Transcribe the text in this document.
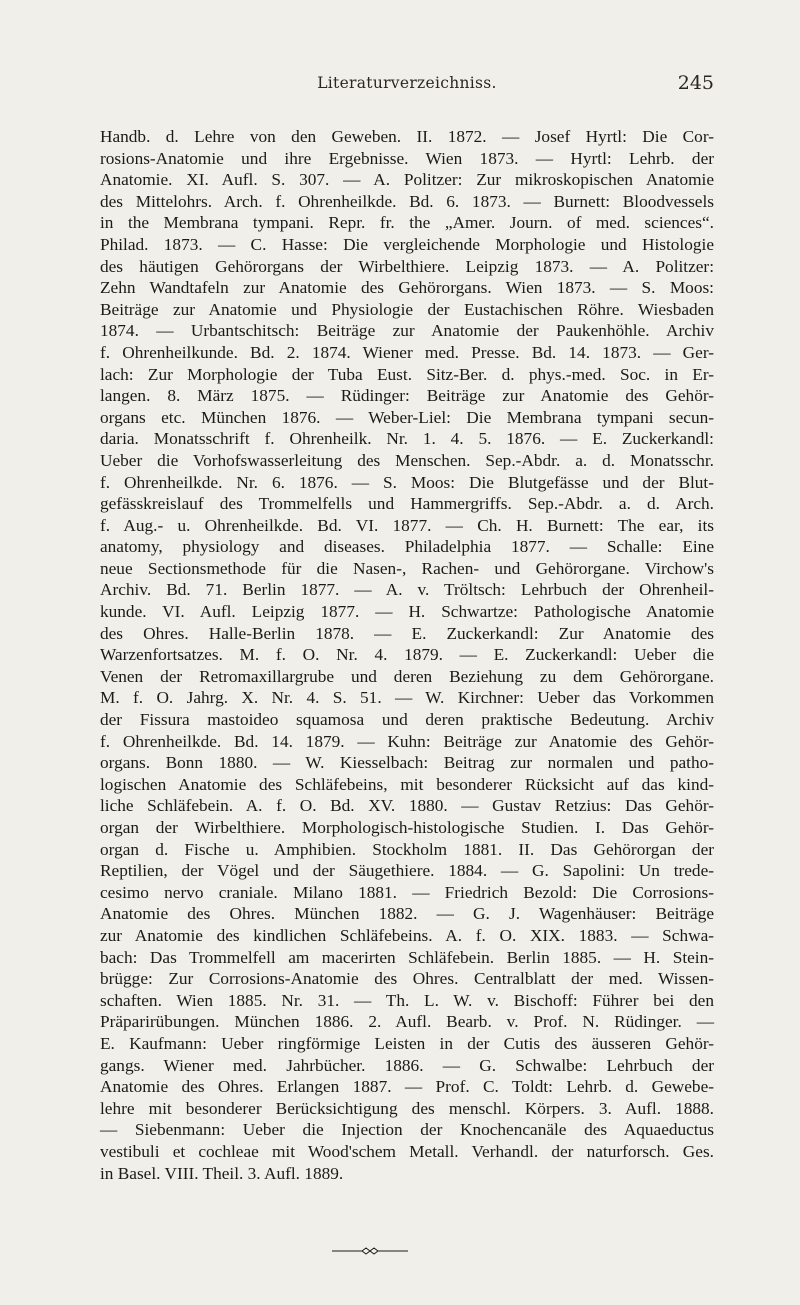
Literaturverzeichniss.	245
Handb. d. Lehre von den Geweben. II. 1872. — Josef Hyrtl: Die Cor-
rosions-Anatomie und ihre Ergebnisse. Wien 1873. — Hyrtl: Lehrb. der
Anatomie. XI. Aufl. S. 307. — A. Politzer: Zur mikroskopischen Anatomie
des Mittelohrs. Arch. f. Ohrenheilkde. Bd. 6. 1873. — Burnett: Bloodvessels
in the Membrana tympani. Repr. fr. the „Amer. Journ. of med. sciences“.
Philad. 1873. — C. Hasse: Die vergleichende Morphologie und Histologie
des häutigen Gehörorgans der Wirbelthiere. Leipzig 1873. — A. Politzer:
Zehn Wandtafeln zur Anatomie des Gehörorgans. Wien 1873. — S. Moos:
Beiträge zur Anatomie und Physiologie der Eustachischen Röhre. Wiesbaden
1874. — Urbantschitsch: Beiträge zur Anatomie der Paukenhöhle. Archiv
f. Ohrenheilkunde. Bd. 2. 1874. Wiener med. Presse. Bd. 14. 1873. — Ger-
lach: Zur Morphologie der Tuba Eust. Sitz-Ber. d. phys.-med. Soc. in Er-
langen. 8. März 1875. — Rüdinger: Beiträge zur Anatomie des Gehör-
organs etc. München 1876. — Weber-Liel: Die Membrana tympani secun-
daria. Monatsschrift f. Ohrenheilk. Nr. 1. 4. 5. 1876. — E. Zuckerkandl:
Ueber die Vorhofswasserleitung des Menschen. Sep.-Abdr. a. d. Monatsschr.
f. Ohrenheilkde. Nr. 6. 1876. — S. Moos: Die Blutgefässe und der Blut-
gefässkreislauf des Trommelfells und Hammergriffs. Sep.-Abdr. a. d. Arch.
f. Aug.- u. Ohrenheilkde. Bd. VI. 1877. — Ch. H. Burnett: The ear, its
anatomy, physiology and diseases. Philadelphia 1877. — Schalle: Eine
neue Sectionsmethode für die Nasen-, Rachen- und Gehörorgane. Virchow's
Archiv. Bd. 71. Berlin 1877. — A. v. Tröltsch: Lehrbuch der Ohrenheil-
kunde. VI. Aufl. Leipzig 1877. — H. Schwartze: Pathologische Anatomie
des Ohres. Halle-Berlin 1878. — E. Zuckerkandl: Zur Anatomie des
Warzenfortsatzes. M. f. O. Nr. 4. 1879. — E. Zuckerkandl: Ueber die
Venen der Retromaxillargrube und deren Beziehung zu dem Gehörorgane.
M. f. O. Jahrg. X. Nr. 4. S. 51. — W. Kirchner: Ueber das Vorkommen
der Fissura mastoideo squamosa und deren praktische Bedeutung. Archiv
f. Ohrenheilkde. Bd. 14. 1879. — Kuhn: Beiträge zur Anatomie des Gehör-
organs. Bonn 1880. — W. Kiesselbach: Beitrag zur normalen und patho-
logischen Anatomie des Schläfebeins, mit besonderer Rücksicht auf das kind-
liche Schläfebein. A. f. O. Bd. XV. 1880. — Gustav Retzius: Das Gehör-
organ der Wirbelthiere. Morphologisch-histologische Studien. I. Das Gehör-
organ d. Fische u. Amphibien. Stockholm 1881. II. Das Gehörorgan der
Reptilien, der Vögel und der Säugethiere. 1884. — G. Sapolini: Un trede-
cesimo nervo craniale. Milano 1881. — Friedrich Bezold: Die Corrosions-
Anatomie des Ohres. München 1882. — G. J. Wagenhäuser: Beiträge
zur Anatomie des kindlichen Schläfebeins. A. f. O. XIX. 1883. — Schwa-
bach: Das Trommelfell am macerirten Schläfebein. Berlin 1885. — H. Stein-
brügge: Zur Corrosions-Anatomie des Ohres. Centralblatt der med. Wissen-
schaften. Wien 1885. Nr. 31. — Th. L. W. v. Bischoff: Führer bei den
Präparirübungen. München 1886. 2. Aufl. Bearb. v. Prof. N. Rüdinger. —
E. Kaufmann: Ueber ringförmige Leisten in der Cutis des äusseren Gehör-
gangs. Wiener med. Jahrbücher. 1886. — G. Schwalbe: Lehrbuch der
Anatomie des Ohres. Erlangen 1887. — Prof. C. Toldt: Lehrb. d. Gewebe-
lehre mit besonderer Berücksichtigung des menschl. Körpers. 3. Aufl. 1888.
— Siebenmann: Ueber die Injection der Knochencanäle des Aquaeductus
vestibuli et cochleae mit Wood'schem Metall. Verhandl. der naturforsch. Ges.
in Basel. VIII. Theil. 3. Aufl. 1889.
